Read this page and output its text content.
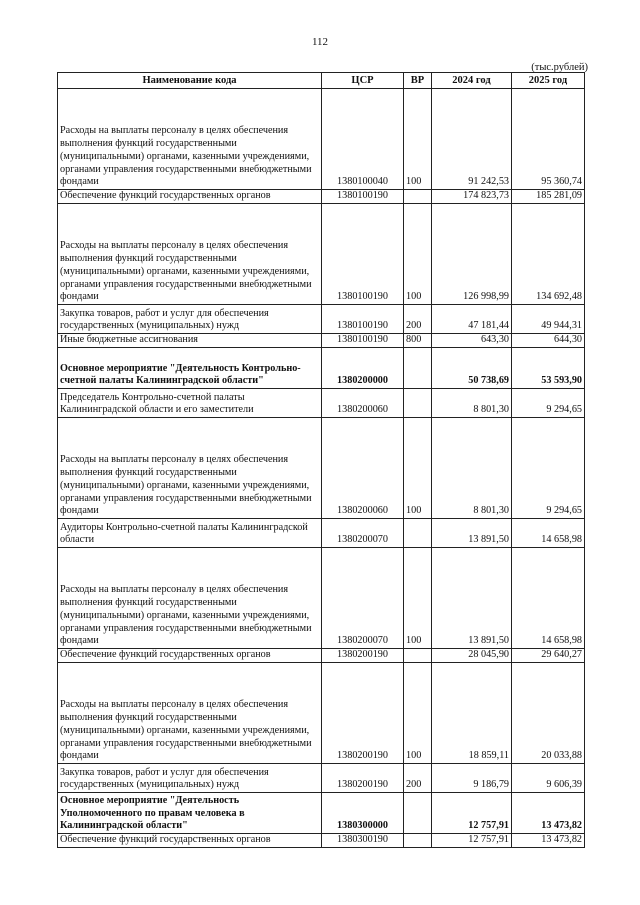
112
(тыс.рублей)
Наименование кода	ЦСР	ВР	2024 год	2025 год
Расходы на выплаты персоналу в целях обеспечения выполнения функций государственными (муниципальными) органами, казенными учреждениями, органами управления государственными внебюджетными фондами	1380100040	100	91 242,53	95 360,74
Обеспечение функций государственных органов	1380100190		174 823,73	185 281,09
Расходы на выплаты персоналу в целях обеспечения выполнения функций государственными (муниципальными) органами, казенными учреждениями, органами управления государственными внебюджетными фондами	1380100190	100	126 998,99	134 692,48
Закупка товаров, работ и услуг для обеспечения государственных (муниципальных) нужд	1380100190	200	47 181,44	49 944,31
Иные бюджетные ассигнования	1380100190	800	643,30	644,30
Основное мероприятие "Деятельность Контрольно-счетной палаты Калининградской области"	1380200000		50 738,69	53 593,90
Председатель Контрольно-счетной палаты Калининградской области и его заместители	1380200060		8 801,30	9 294,65
Расходы на выплаты персоналу в целях обеспечения выполнения функций государственными (муниципальными) органами, казенными учреждениями, органами управления государственными внебюджетными фондами	1380200060	100	8 801,30	9 294,65
Аудиторы Контрольно-счетной палаты Калининградской области	1380200070		13 891,50	14 658,98
Расходы на выплаты персоналу в целях обеспечения выполнения функций государственными (муниципальными) органами, казенными учреждениями, органами управления государственными внебюджетными фондами	1380200070	100	13 891,50	14 658,98
Обеспечение функций государственных органов	1380200190		28 045,90	29 640,27
Расходы на выплаты персоналу в целях обеспечения выполнения функций государственными (муниципальными) органами, казенными учреждениями, органами управления государственными внебюджетными фондами	1380200190	100	18 859,11	20 033,88
Закупка товаров, работ и услуг для обеспечения государственных (муниципальных) нужд	1380200190	200	9 186,79	9 606,39
Основное мероприятие "Деятельность Уполномоченного по правам человека в Калининградской области"	1380300000		12 757,91	13 473,82
Обеспечение функций государственных органов	1380300190		12 757,91	13 473,82
